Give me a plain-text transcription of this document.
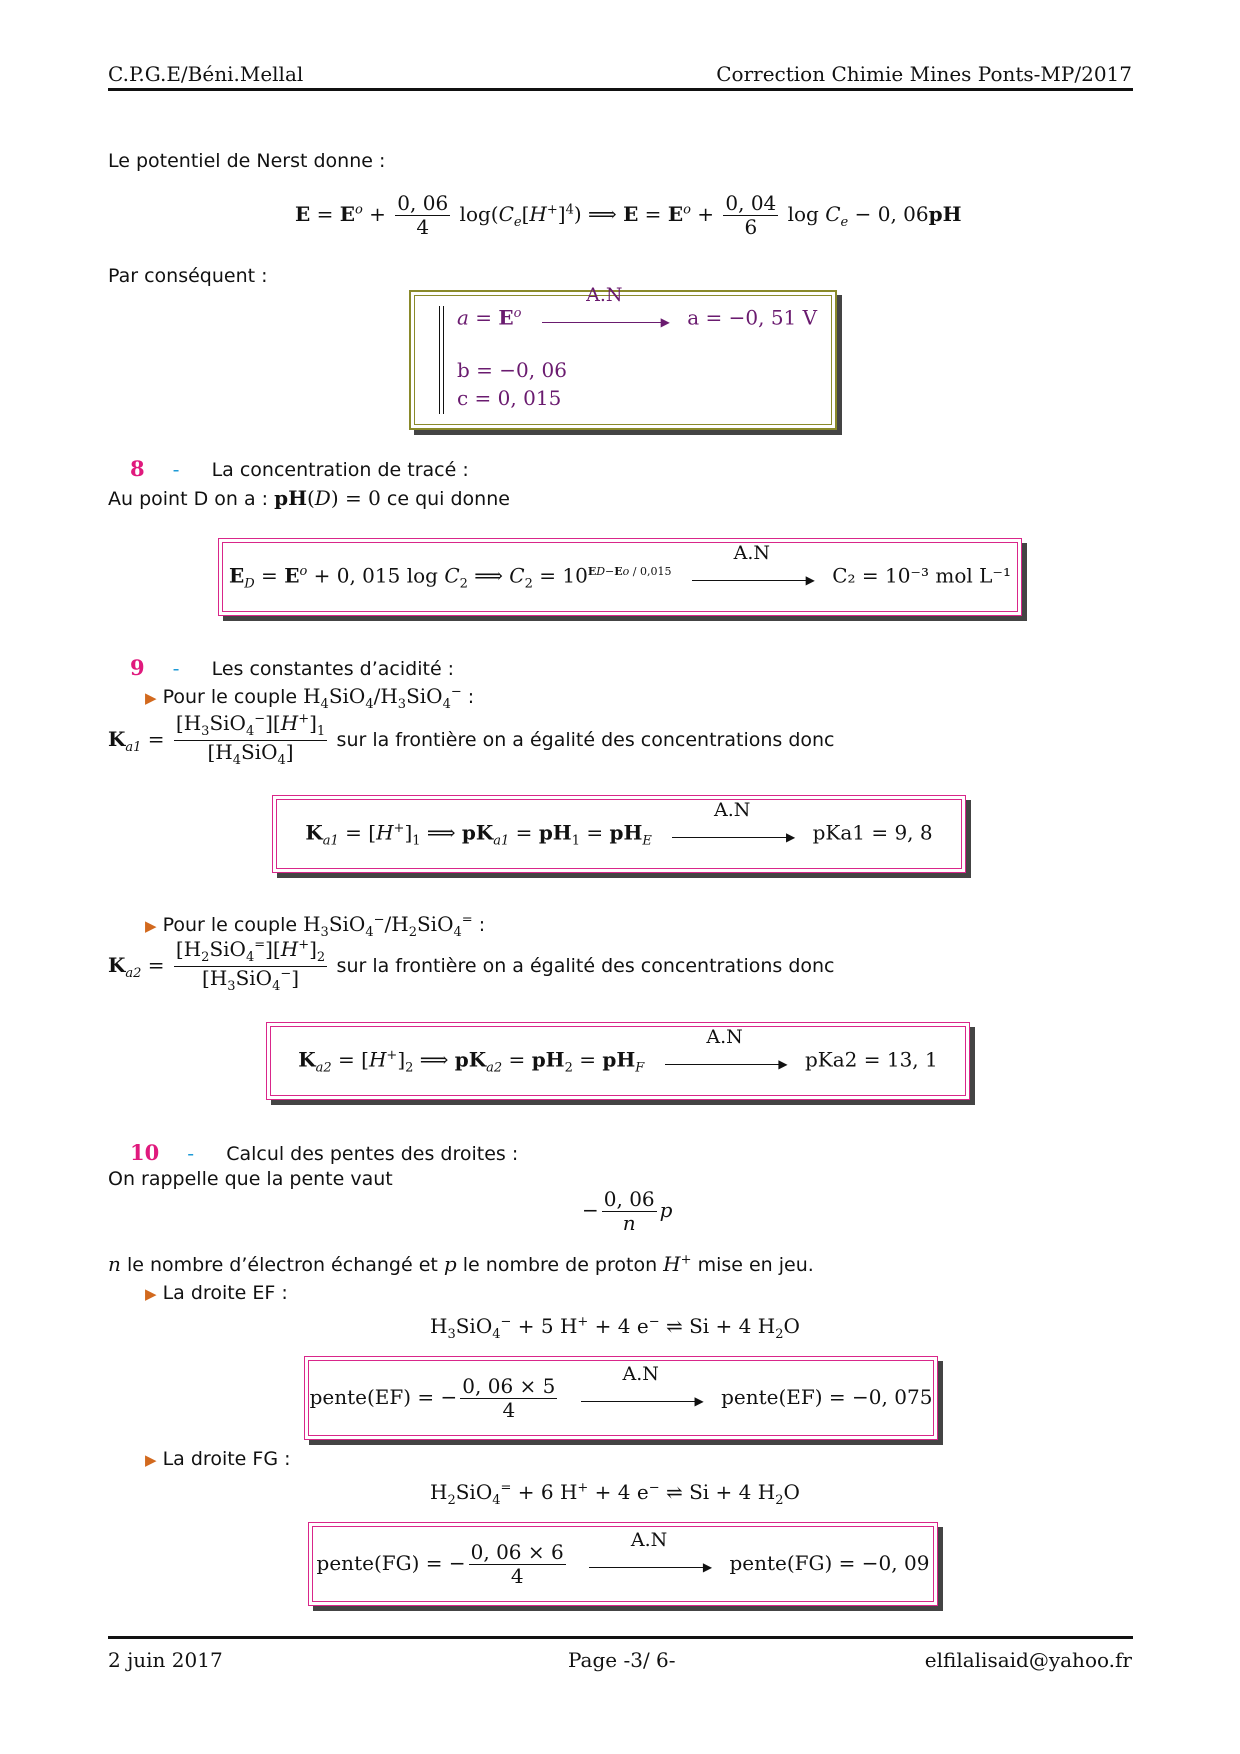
C.P.G.E/Béni.Mellal	Correction Chimie Mines Ponts-MP/2017
Le potentiel de Nerst donne :
$E = E^o + \frac{0, 06}{4} \log(C_e[H^+]^4)$ ⟹ $E = E^o + \frac{0, 04}{6}$ $\log C_e - 0$, 06pH
Par conséquent :
$a = E^o$
A.N
▶ a = −0, 51 V
b = −0, 06
c = 0, 015
8 - La concentration de tracé :
Au point D on a : pH(D) = 0 ce qui donne
$E_D = E^o + 0$, 015 $\log C_2$ ⟹ $C_2 = 10^{ED-Eo / 0,015}$
A.N
▶ C₂ = 10⁻³ mol L⁻¹
9 - Les constantes d’acidité :
▶ Pour le couple $H_4SiO_4/H_3SiO_4^-$ :
$K_{a1} = \frac{[H_3SiO_4^-][H^+]_1}{[H_4SiO_4]}$ sur la frontière on a égalité des concentrations donc
$K_{a1} = [H^+]_1$ ⟹ $pK_{a1} = pH_1 = pH_E$
A.N
▶ pKa1 = 9, 8
▶ Pour le couple $H_3SiO_4^-/H_2SiO_4^=$ :
$K_{a2} = \frac{[H_2SiO_4^=][H^+]_2}{[H_3SiO_4^-]}$ sur la frontière on a égalité des concentrations donc
$K_{a2} = [H^+]_2$ ⟹ $pK_{a2} = pH_2 = pH_F$
A.N
▶ pKa2 = 13, 1
10 - Calcul des pentes des droites :
On rappelle que la pente vaut
− $\frac{0, 06}{n}$ p
n le nombre d’électron échangé et p le nombre de proton H+ mise en jeu.
▶ La droite EF :
$H_3SiO_4^- + 5$ H+ + 4 e− ⇌ Si + 4 $H_2O$
pente(EF) = − $\frac{0, 06 \times 5}{4}$

A.N
▶ pente(EF) = −0, 075
▶ La droite FG :
$H_2SiO_4^= + 6$ H+ + 4 e− ⇌ Si + 4 $H_2O$
pente(FG) = − $\frac{0, 06 \times 6}{4}$

A.N
▶ pente(FG) = −0, 09
2 juin 2017	Page -3/ 6-	elfilalisaid@yahoo.fr
